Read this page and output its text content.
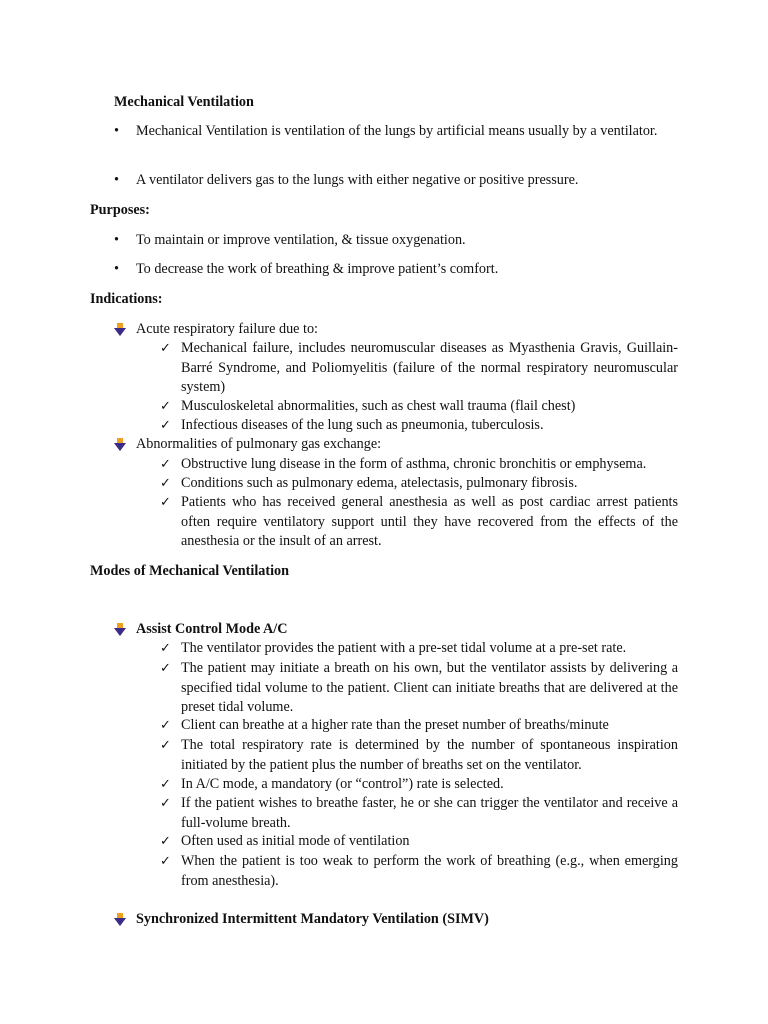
Mechanical Ventilation
•	Mechanical Ventilation is ventilation of the lungs by artificial means usually by a ventilator.
•	A ventilator delivers gas to the lungs with either negative or positive pressure.
Purposes:
•	To maintain or improve ventilation, & tissue oxygenation.
•	To decrease the work of breathing & improve patient’s comfort.
Indications:
Acute respiratory failure due to:
✓ Mechanical failure, includes neuromuscular diseases as Myasthenia Gravis, Guillain-Barré Syndrome, and Poliomyelitis (failure of the normal respiratory neuromuscular system)
✓ Musculoskeletal abnormalities, such as chest wall trauma (flail chest)
✓ Infectious diseases of the lung such as pneumonia, tuberculosis.
Abnormalities of pulmonary gas exchange:
✓ Obstructive lung disease in the form of asthma, chronic bronchitis or emphysema.
✓ Conditions such as pulmonary edema, atelectasis, pulmonary fibrosis.
✓ Patients who has received general anesthesia as well as post cardiac arrest patients often require ventilatory support until they have recovered from the effects of the anesthesia or the insult of an arrest.
Modes of Mechanical Ventilation
Assist Control Mode A/C
✓ The ventilator provides the patient with a pre-set tidal volume at a pre-set rate.
✓ The patient may initiate a breath on his own, but the ventilator assists by delivering a specified tidal volume to the patient. Client can initiate breaths that are delivered at the preset tidal volume.
✓ Client can breathe at a higher rate than the preset number of breaths/minute
✓ The total respiratory rate is determined by the number of spontaneous inspiration initiated by the patient plus the number of breaths set on the ventilator.
✓ In A/C mode, a mandatory (or “control”) rate is selected.
✓ If the patient wishes to breathe faster, he or she can trigger the ventilator and receive a full-volume breath.
✓ Often used as initial mode of ventilation
✓ When the patient is too weak to perform the work of breathing (e.g., when emerging from anesthesia).
Synchronized Intermittent Mandatory Ventilation (SIMV)
